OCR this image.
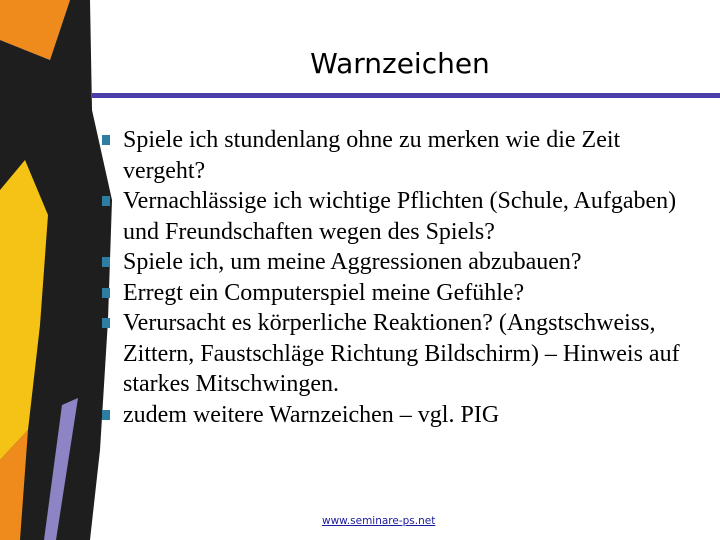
Warnzeichen
Spiele ich stundenlang ohne zu merken wie die Zeit vergeht?
Vernachlässige ich wichtige Pflichten (Schule, Aufgaben) und Freundschaften wegen des Spiels?
Spiele ich, um meine Aggressionen abzubauen?
Erregt ein Computerspiel meine Gefühle?
Verursacht es körperliche Reaktionen? (Angstschweiss, Zittern, Faustschläge Richtung Bildschirm) – Hinweis auf starkes Mitschwingen.
zudem weitere Warnzeichen – vgl. PIG
www.seminare-ps.net
